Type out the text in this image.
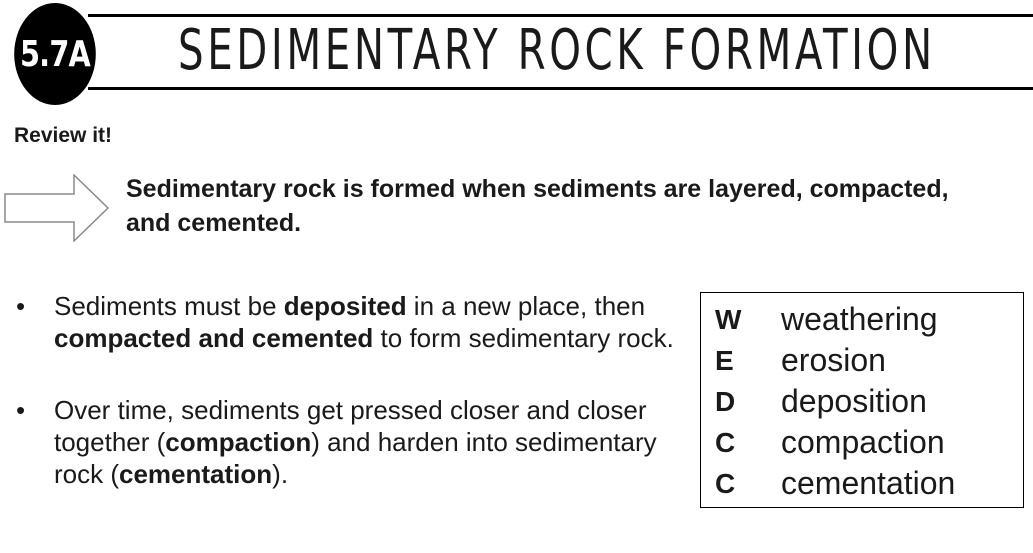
5.7A SEDIMENTARY ROCK FORMATION
Review it!

Sedimentary rock is formed when sediments are layered, compacted, and cemented.

• Sediments must be deposited in a new place, then compacted and cemented to form sedimentary rock.
• Over time, sediments get pressed closer and closer together (compaction) and harden into sedimentary rock (cementation).
W	weathering
E	erosion
D	deposition
C	compaction
C	cementation
